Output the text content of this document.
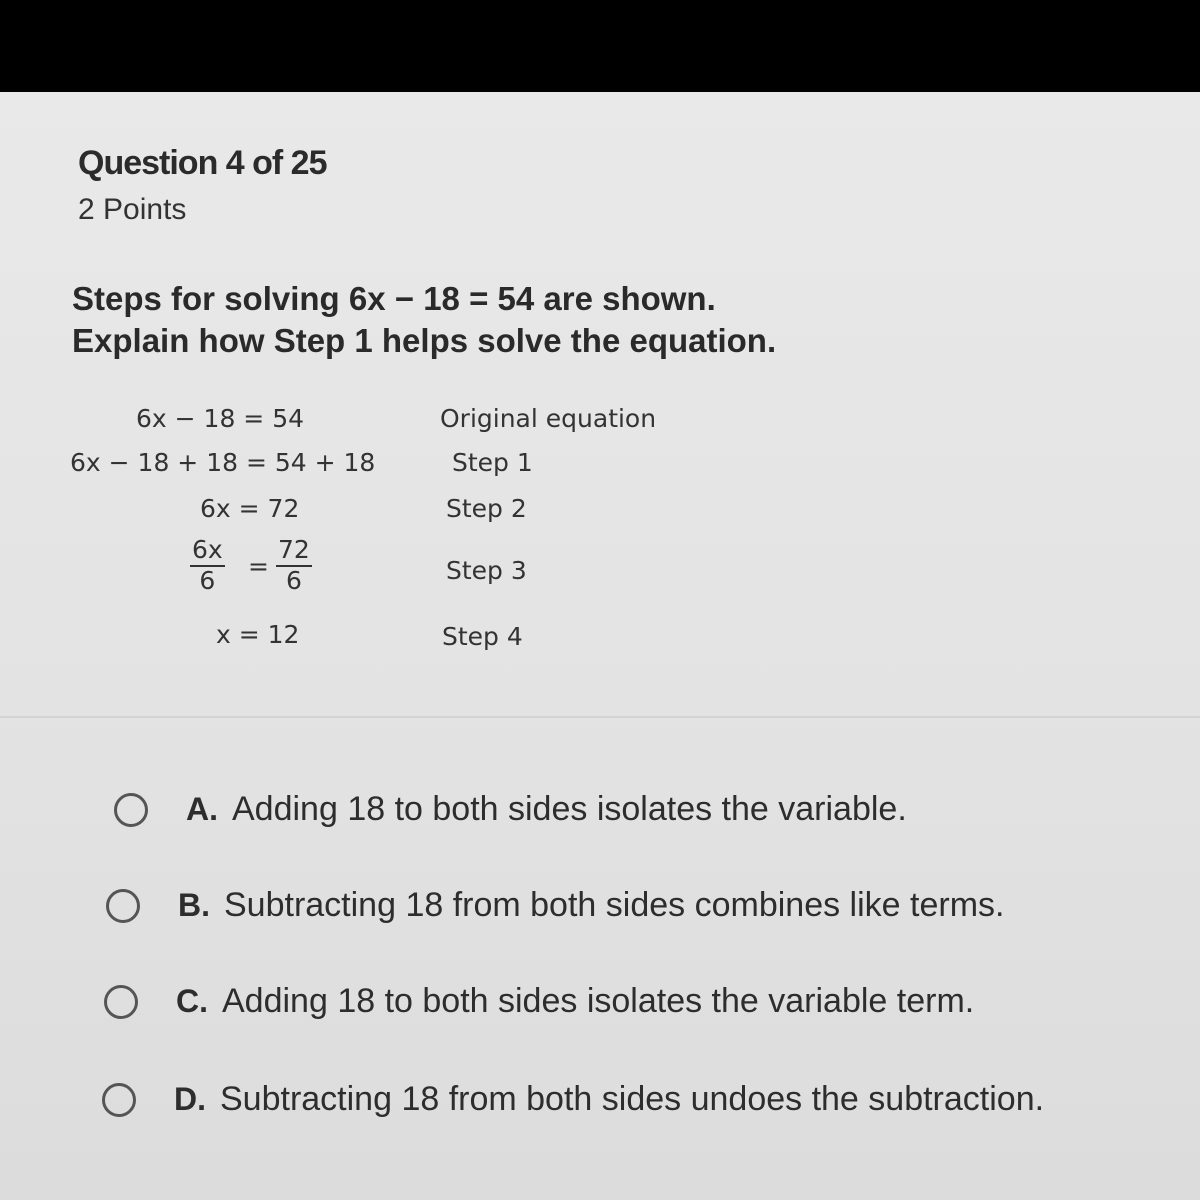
Question 4 of 25
2 Points
Steps for solving 6x − 18 = 54 are shown.
Explain how Step 1 helps solve the equation.
6x − 18 = 54	Original equation
6x − 18 + 18 = 54 + 18	Step 1
6x = 72	Step 2
$\frac{6x}{6} = \frac{72}{6}$	Step 3
x = 12	Step 4
A. Adding 18 to both sides isolates the variable.
B. Subtracting 18 from both sides combines like terms.
C. Adding 18 to both sides isolates the variable term.
D. Subtracting 18 from both sides undoes the subtraction.
